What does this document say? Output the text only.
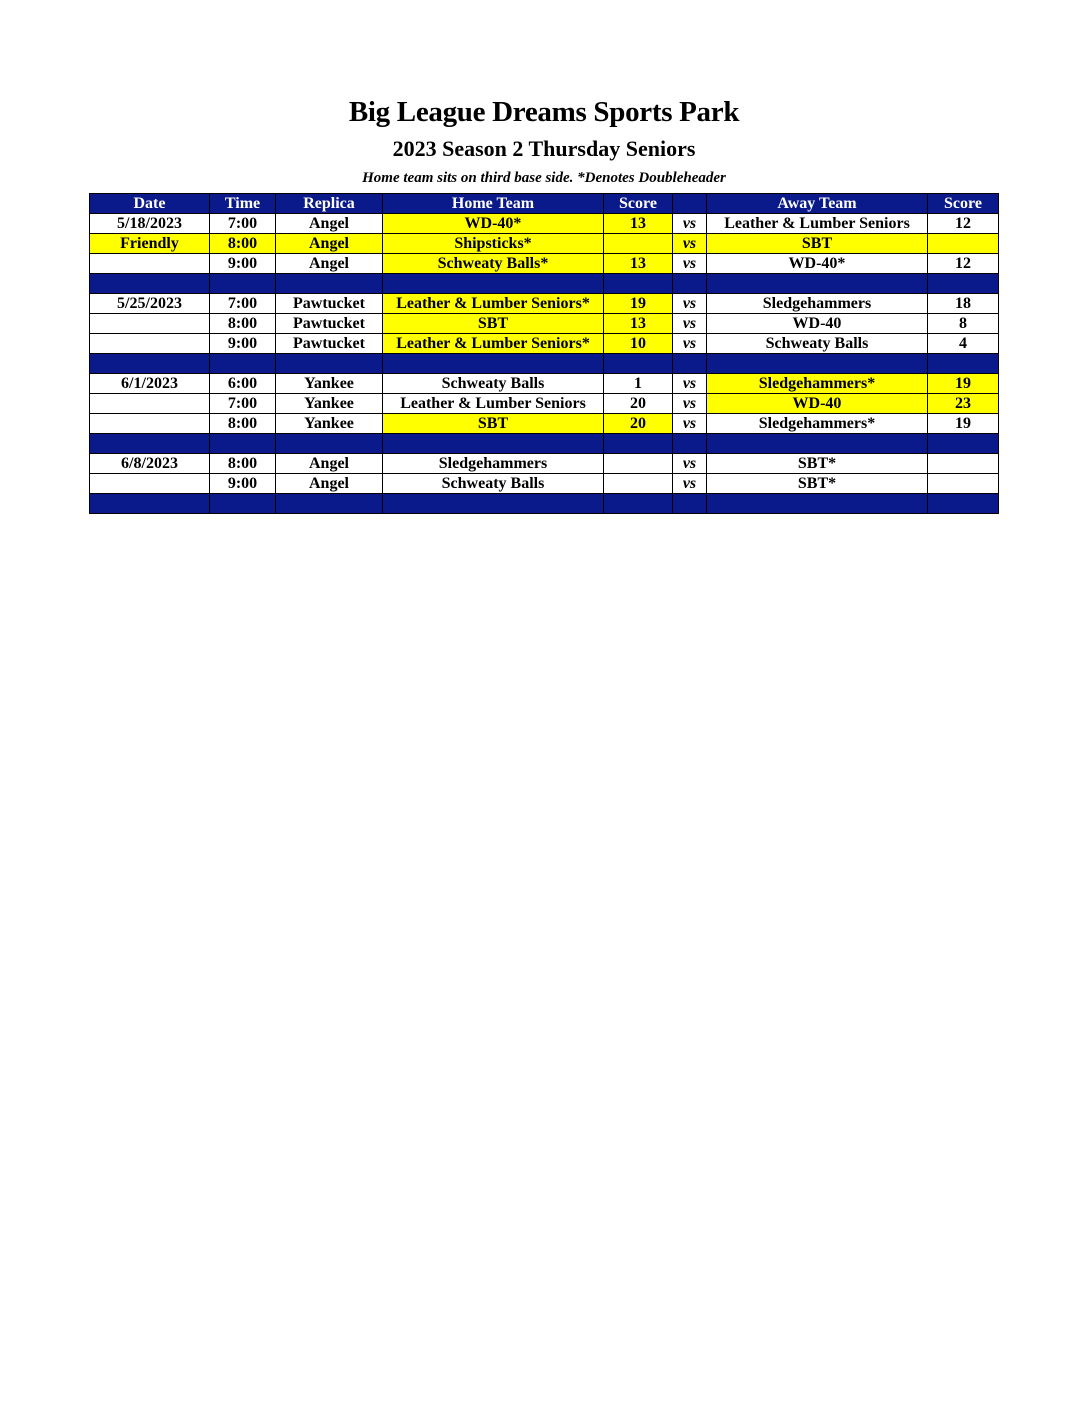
Big League Dreams Sports Park
2023 Season 2 Thursday Seniors
Home team sits on third base side. *Denotes Doubleheader
Date	Time	Replica	Home Team	Score		Away Team	Score
5/18/2023	7:00	Angel	WD-40*	13	vs	Leather & Lumber Seniors	12
Friendly	8:00	Angel	Shipsticks*		vs	SBT	
	9:00	Angel	Schweaty Balls*	13	vs	WD-40*	12

5/25/2023	7:00	Pawtucket	Leather & Lumber Seniors*	19	vs	Sledgehammers	18
	8:00	Pawtucket	SBT	13	vs	WD-40	8
	9:00	Pawtucket	Leather & Lumber Seniors*	10	vs	Schweaty Balls	4

6/1/2023	6:00	Yankee	Schweaty Balls	1	vs	Sledgehammers*	19
	7:00	Yankee	Leather & Lumber Seniors	20	vs	WD-40	23
	8:00	Yankee	SBT	20	vs	Sledgehammers*	19

6/8/2023	8:00	Angel	Sledgehammers		vs	SBT*	
	9:00	Angel	Schweaty Balls		vs	SBT*	
